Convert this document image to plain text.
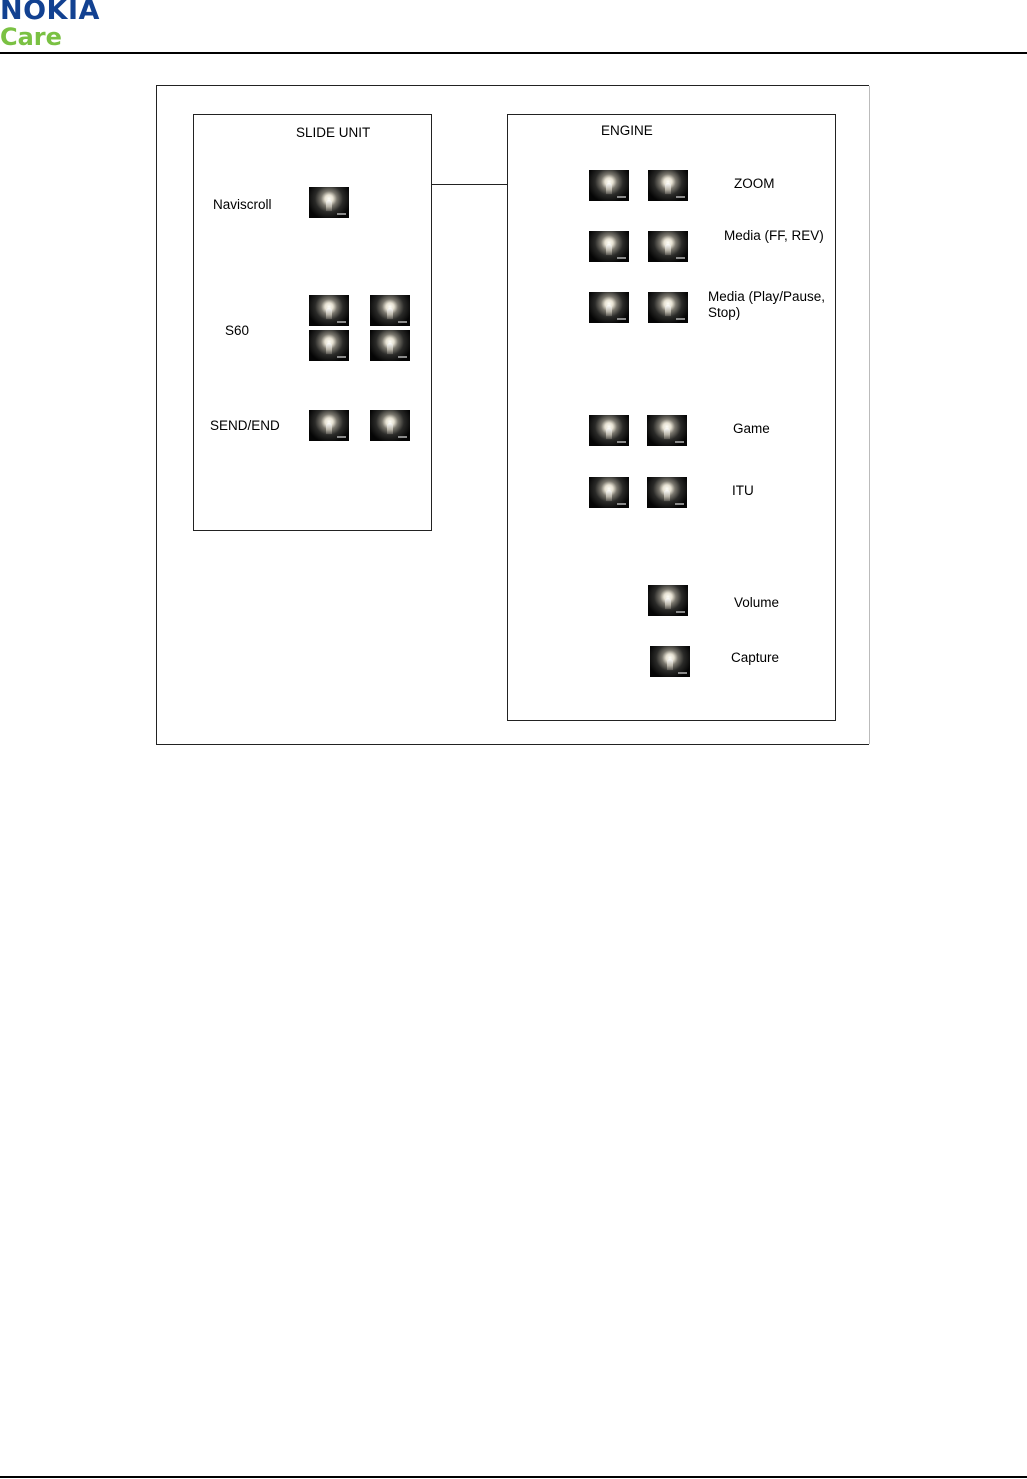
NOKIA
Care
SLIDE UNIT
Naviscroll
S60
SEND/END
ENGINE
ZOOM
Media (FF, REV)
Media (Play/Pause, Stop)
Game
ITU
Volume
Capture
